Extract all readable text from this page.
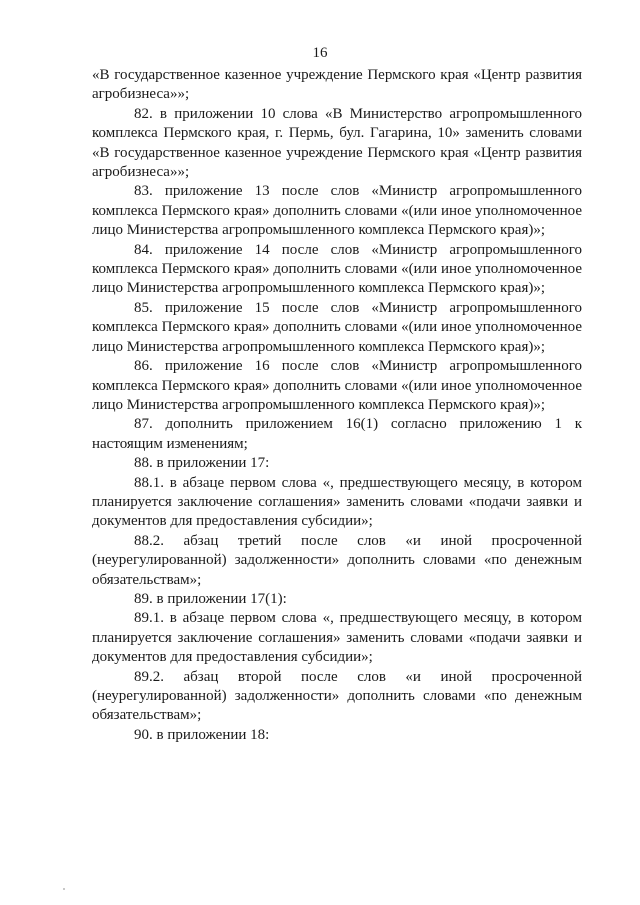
16

«В государственное казенное учреждение Пермского края «Центр развития агробизнеса»»;

82. в приложении 10 слова «В Министерство агропромышленного комплекса Пермского края, г. Пермь, бул. Гагарина, 10» заменить словами «В государственное казенное учреждение Пермского края «Центр развития агробизнеса»»;

83. приложение 13 после слов «Министр агропромышленного комплекса Пермского края» дополнить словами «(или иное уполномоченное лицо Министерства агропромышленного комплекса Пермского края)»;

84. приложение 14 после слов «Министр агропромышленного комплекса Пермского края» дополнить словами «(или иное уполномоченное лицо Министерства агропромышленного комплекса Пермского края)»;

85. приложение 15 после слов «Министр агропромышленного комплекса Пермского края» дополнить словами «(или иное уполномоченное лицо Министерства агропромышленного комплекса Пермского края)»;

86. приложение 16 после слов «Министр агропромышленного комплекса Пермского края» дополнить словами «(или иное уполномоченное лицо Министерства агропромышленного комплекса Пермского края)»;

87. дополнить приложением 16(1) согласно приложению 1 к настоящим изменениям;

88. в приложении 17:

88.1. в абзаце первом слова «, предшествующего месяцу, в котором планируется заключение соглашения» заменить словами «подачи заявки и документов для предоставления субсидии»;

88.2. абзац третий после слов «и иной просроченной (неурегулированной) задолженности» дополнить словами «по денежным обязательствам»;

89. в приложении 17(1):

89.1. в абзаце первом слова «, предшествующего месяцу, в котором планируется заключение соглашения» заменить словами «подачи заявки и документов для предоставления субсидии»;

89.2. абзац второй после слов «и иной просроченной (неурегулированной) задолженности» дополнить словами «по денежным обязательствам»;

90. в приложении 18:
